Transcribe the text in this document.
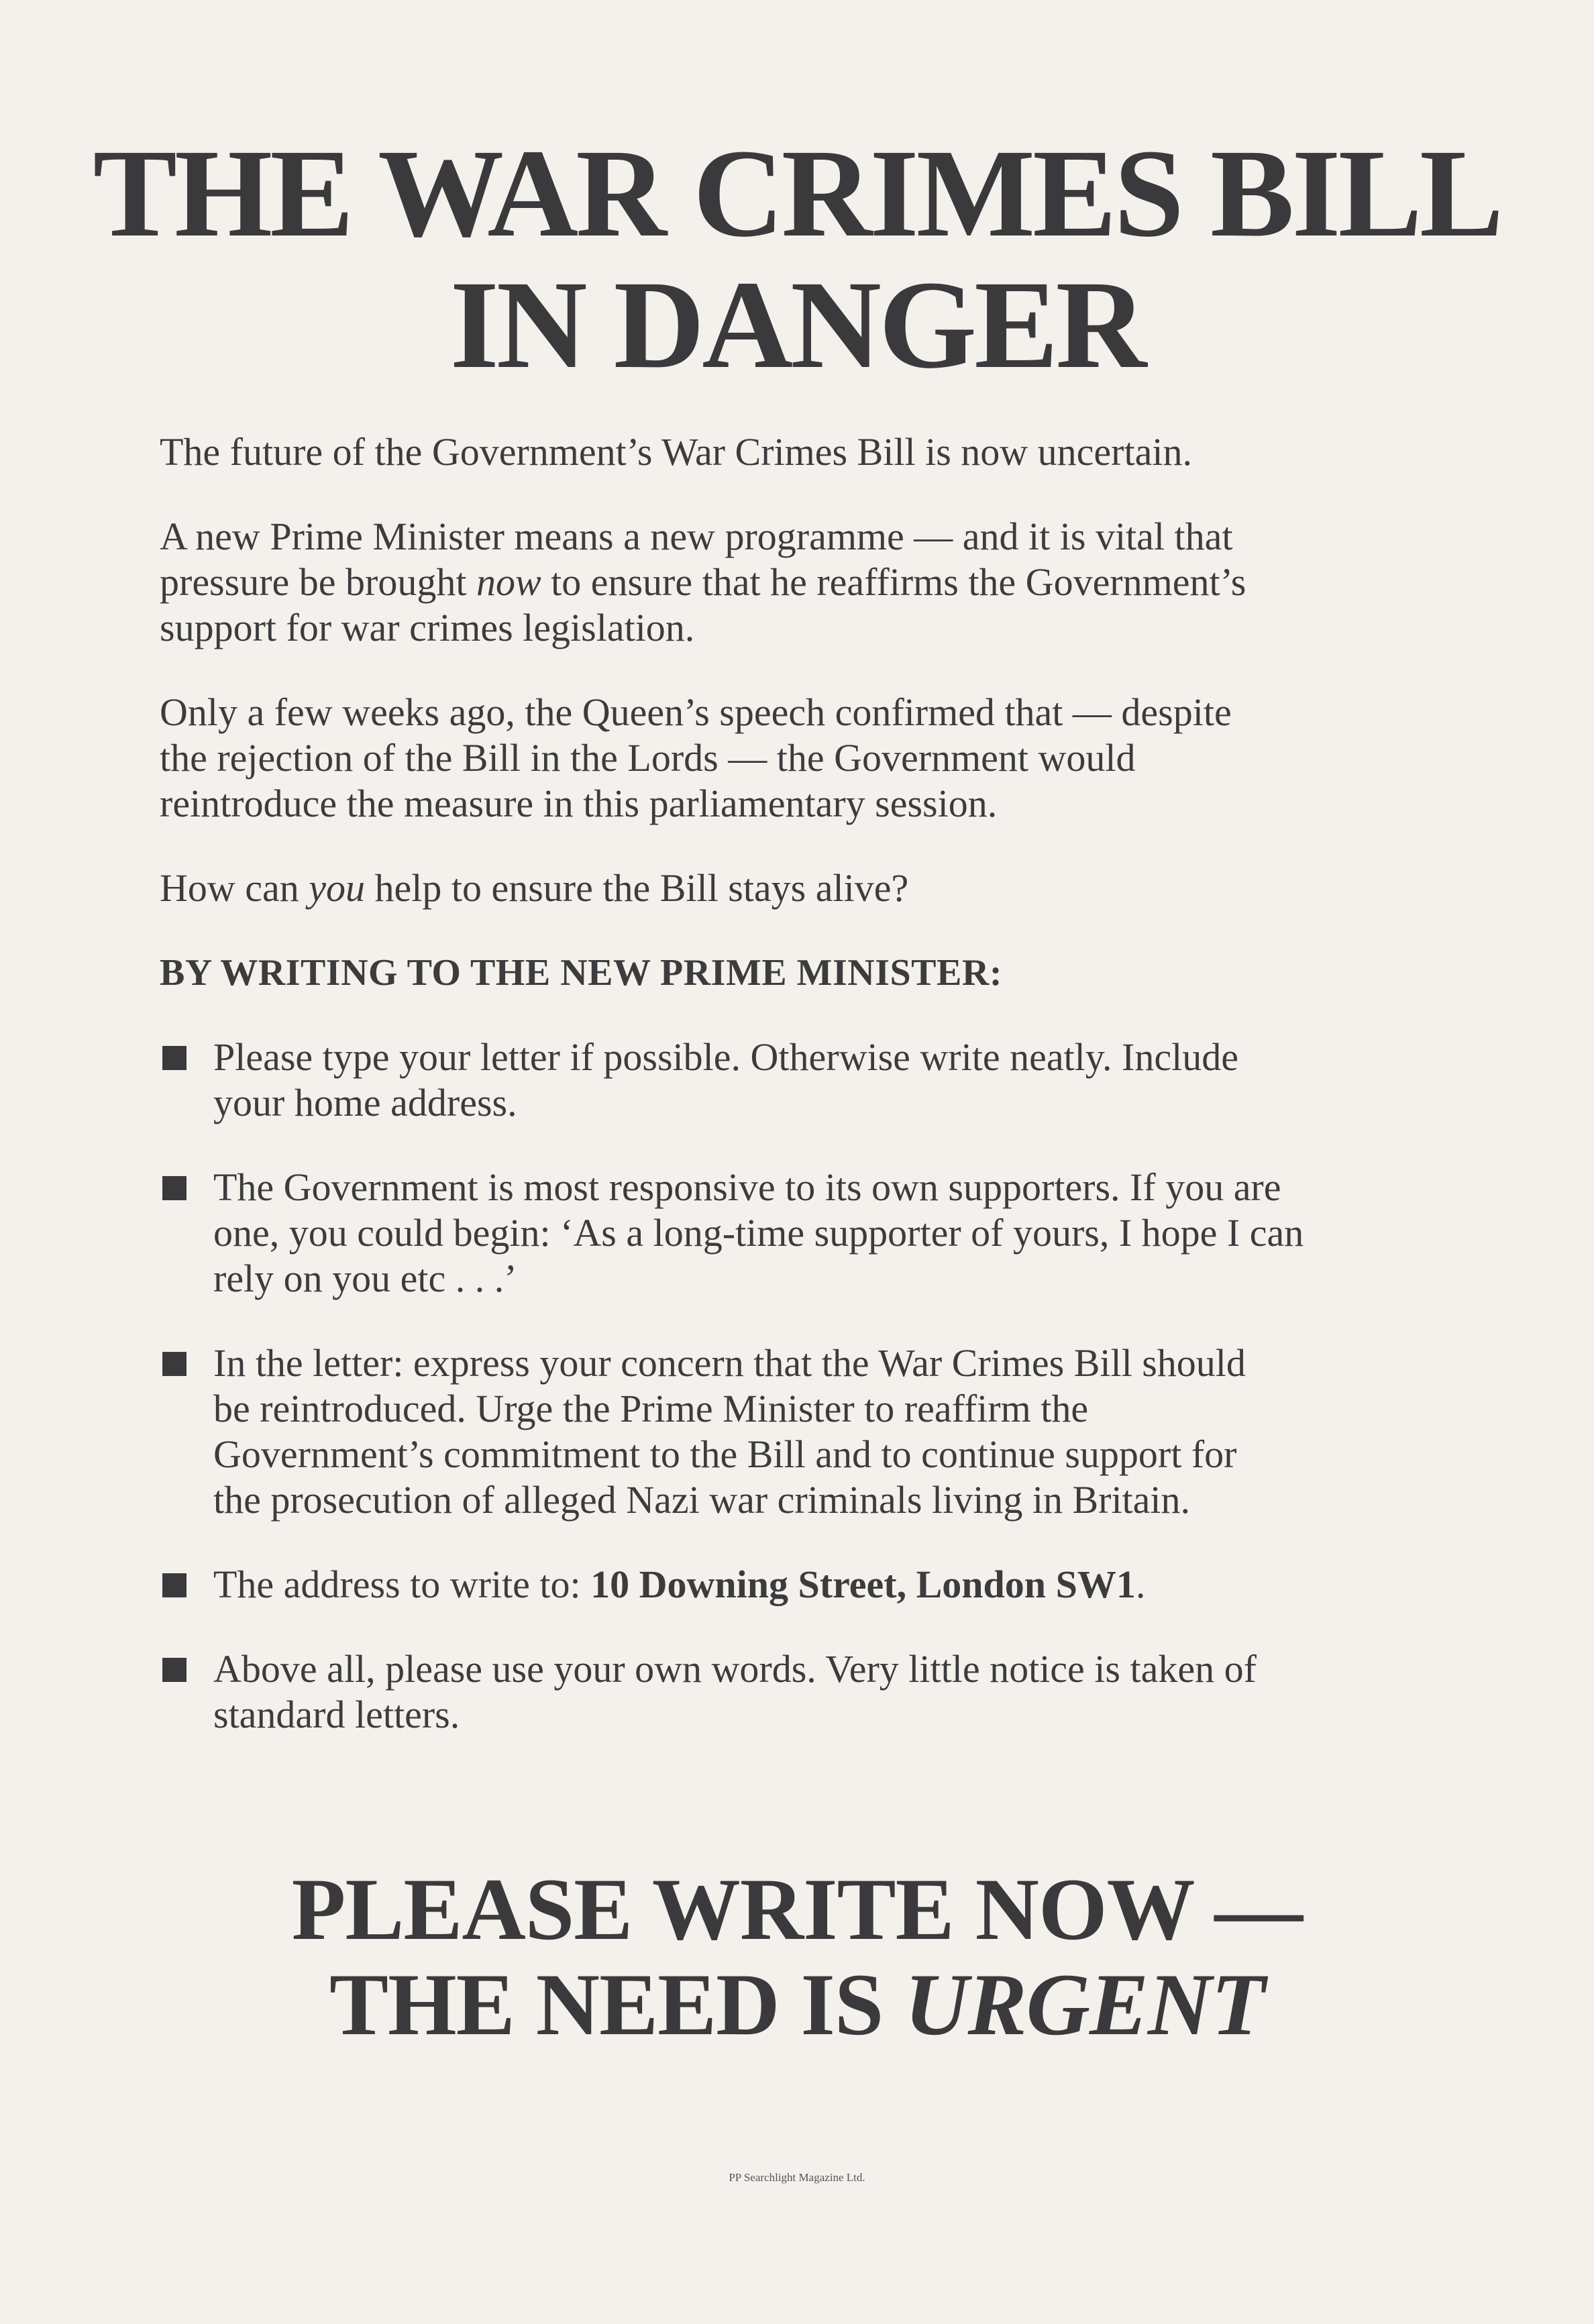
THE WAR CRIMES BILL
IN DANGER

The future of the Government’s War Crimes Bill is now uncertain.

A new Prime Minister means a new programme — and it is vital that
pressure be brought now to ensure that he reaffirms the Government’s
support for war crimes legislation.

Only a few weeks ago, the Queen’s speech confirmed that — despite
the rejection of the Bill in the Lords — the Government would
reintroduce the measure in this parliamentary session.

How can you help to ensure the Bill stays alive?

BY WRITING TO THE NEW PRIME MINISTER:
Please type your letter if possible. Otherwise write neatly. Include
your home address.
The Government is most responsive to its own supporters. If you are
one, you could begin: ‘As a long-time supporter of yours, I hope I can
rely on you etc . . .’
In the letter: express your concern that the War Crimes Bill should
be reintroduced. Urge the Prime Minister to reaffirm the
Government’s commitment to the Bill and to continue support for
the prosecution of alleged Nazi war criminals living in Britain.
The address to write to: 10 Downing Street, London SW1.
Above all, please use your own words. Very little notice is taken of
standard letters.
PLEASE WRITE NOW —
THE NEED IS URGENT
PP Searchlight Magazine Ltd.
